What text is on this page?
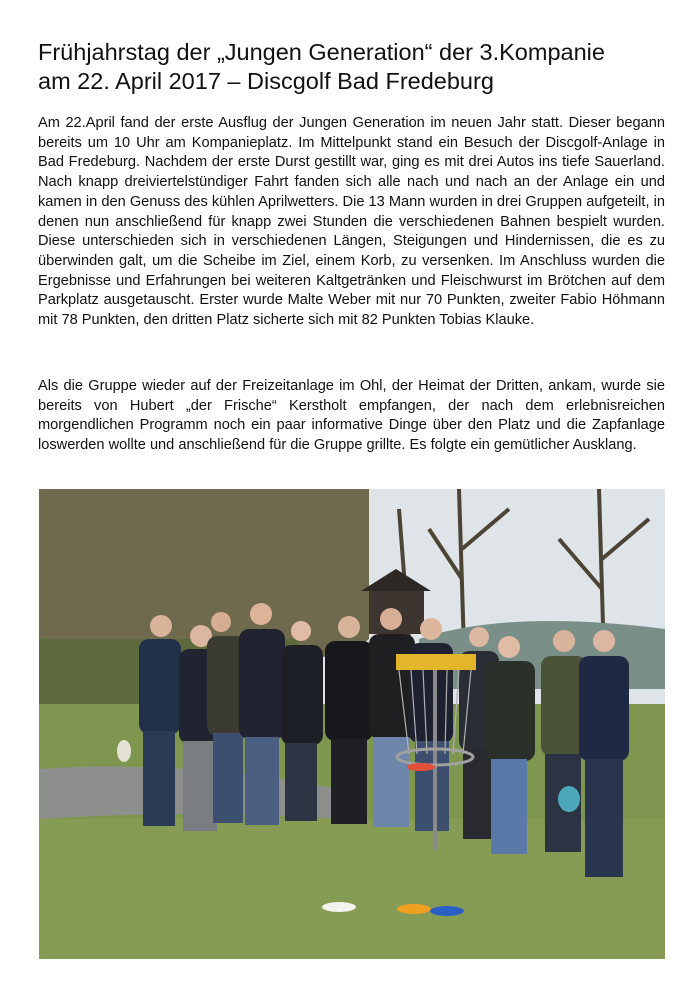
Frühjahrstag der „Jungen Generation“ der 3.Kompanie
am 22. April 2017 – Discgolf Bad Fredeburg

Am 22.April fand der erste Ausflug der Jungen Generation im neuen Jahr statt. Dieser begann bereits um 10 Uhr am Kompanieplatz. Im Mittelpunkt stand ein Besuch der Discgolf-Anlage in Bad Fredeburg. Nachdem der erste Durst gestillt war, ging es mit drei Autos ins tiefe Sauerland. Nach knapp dreiviertelstündiger Fahrt fanden sich alle nach und nach an der Anlage ein und kamen in den Genuss des kühlen Aprilwetters. Die 13 Mann wurden in drei Gruppen aufgeteilt, in denen nun anschließend für knapp zwei Stunden die verschiedenen Bahnen bespielt wurden. Diese unterschieden sich in verschiedenen Längen, Steigungen und Hindernissen, die es zu überwinden galt, um die Scheibe im Ziel, einem Korb, zu versenken. Im Anschluss wurden die Ergebnisse und Erfahrungen bei weiteren Kaltgetränken und Fleischwurst im Brötchen auf dem Parkplatz ausgetauscht. Erster wurde Malte Weber mit nur 70 Punkten, zweiter Fabio Höhmann mit 78 Punkten, den dritten Platz sicherte sich mit 82 Punkten Tobias Klauke.

Als die Gruppe wieder auf der Freizeitanlage im Ohl, der Heimat der Dritten, ankam, wurde sie bereits von Hubert „der Frische“ Kerstholt empfangen, der nach dem erlebnisreichen morgendlichen Programm noch ein paar informative Dinge über den Platz und die Zapfanlage loswerden wollte und anschließend für die Gruppe grillte. Es folgte ein gemütlicher Ausklang.
